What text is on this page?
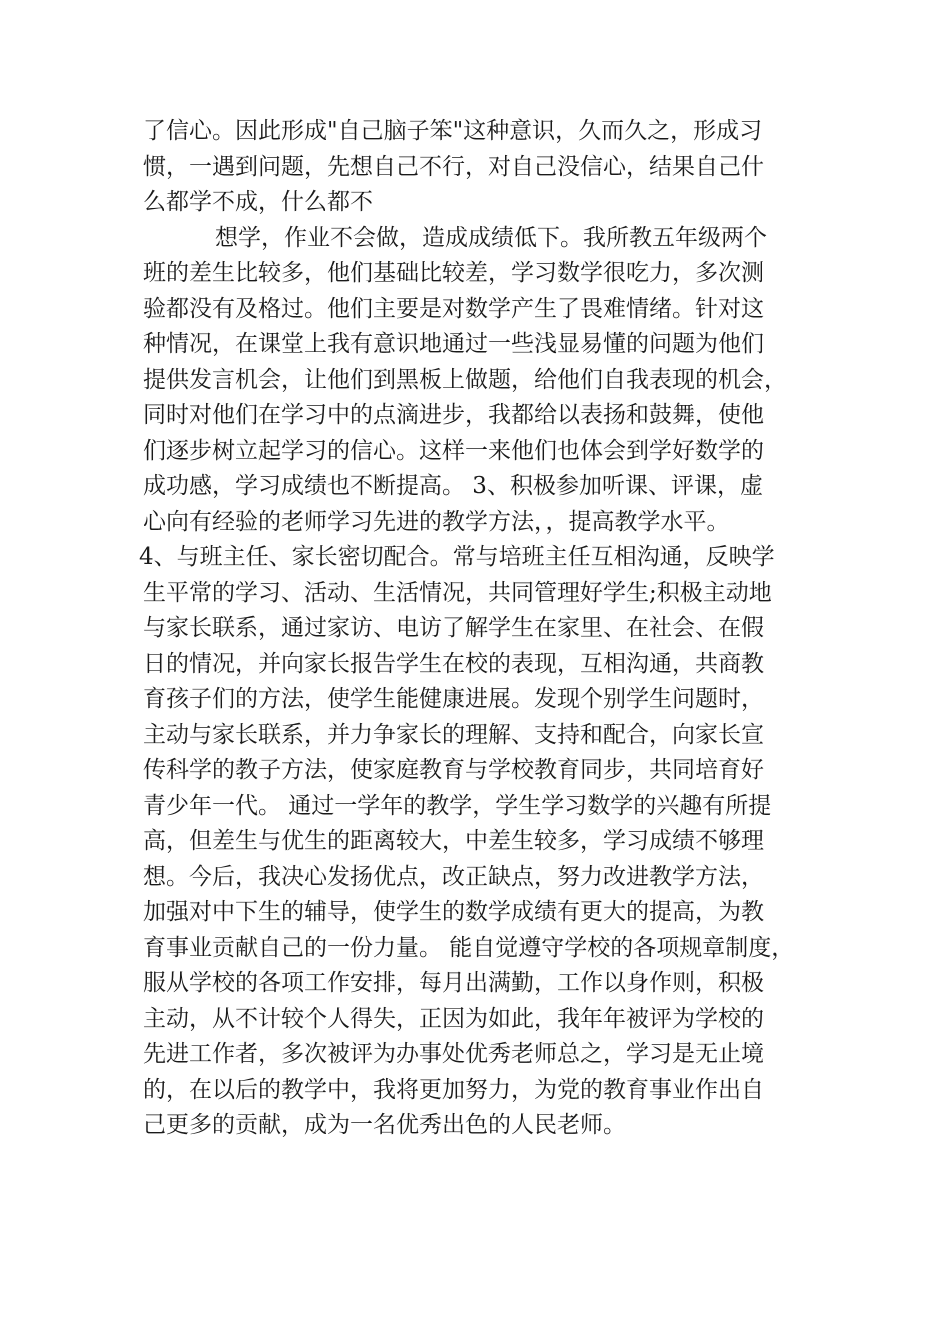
了信心。因此形成"自己脑子笨"这种意识，久而久之，形成习
惯，一遇到问题，先想自己不行，对自己没信心，结果自己什
么都学不成，什么都不
想学，作业不会做，造成成绩低下。我所教五年级两个
班的差生比较多，他们基础比较差，学习数学很吃力，多次测
验都没有及格过。他们主要是对数学产生了畏难情绪。针对这
种情况，在课堂上我有意识地通过一些浅显易懂的问题为他们
提供发言机会，让他们到黑板上做题，给他们自我表现的机会，
同时对他们在学习中的点滴进步，我都给以表扬和鼓舞，使他
们逐步树立起学习的信心。这样一来他们也体会到学好数学的
成功感，学习成绩也不断提高。 3、积极参加听课、评课，虚
心向有经验的老师学习先进的教学方法，，提高教学水平。
4、与班主任、家长密切配合。常与培班主任互相沟通，反映学
生平常的学习、活动、生活情况，共同管理好学生;积极主动地
与家长联系，通过家访、电访了解学生在家里、在社会、在假
日的情况，并向家长报告学生在校的表现，互相沟通，共商教
育孩子们的方法，使学生能健康进展。发现个别学生问题时，
主动与家长联系，并力争家长的理解、支持和配合，向家长宣
传科学的教子方法，使家庭教育与学校教育同步，共同培育好
青少年一代。 通过一学年的教学，学生学习数学的兴趣有所提
高，但差生与优生的距离较大，中差生较多，学习成绩不够理
想。今后，我决心发扬优点，改正缺点，努力改进教学方法，
加强对中下生的辅导，使学生的数学成绩有更大的提高，为教
育事业贡献自己的一份力量。 能自觉遵守学校的各项规章制度，
服从学校的各项工作安排，每月出满勤，工作以身作则，积极
主动，从不计较个人得失，正因为如此，我年年被评为学校的
先进工作者，多次被评为办事处优秀老师总之，学习是无止境
的，在以后的教学中，我将更加努力，为党的教育事业作出自
己更多的贡献，成为一名优秀出色的人民老师。
